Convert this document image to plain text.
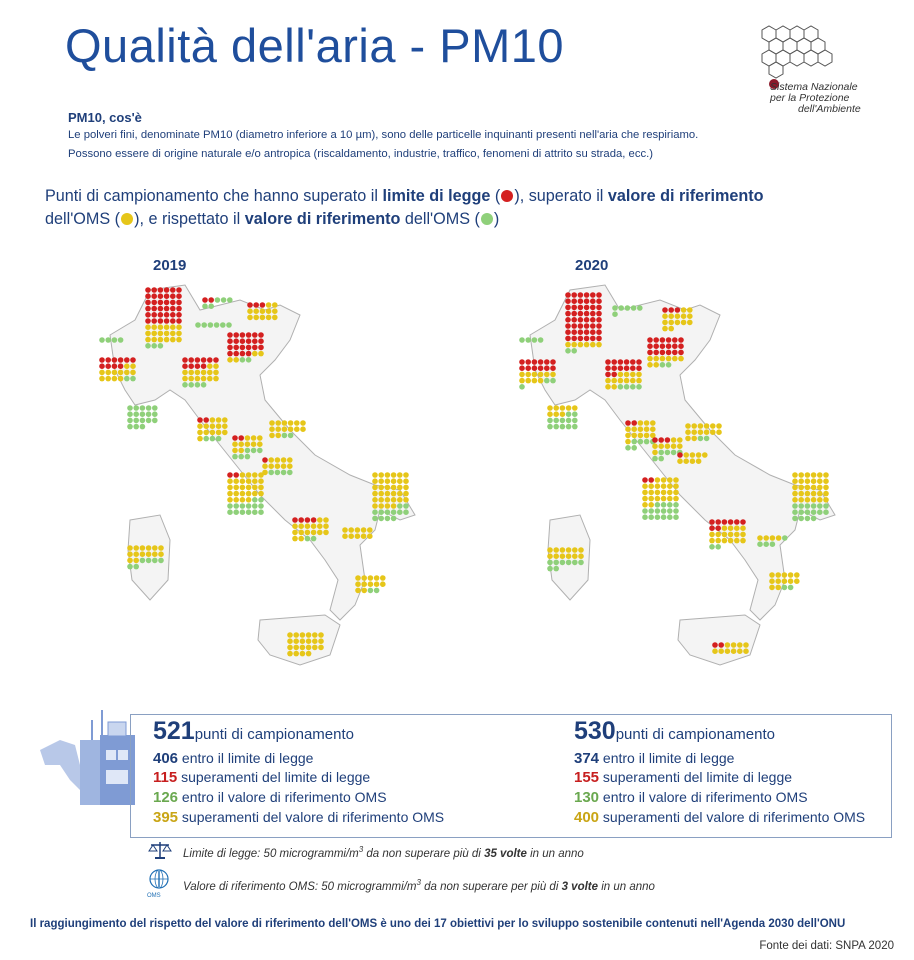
Qualità dell'aria - PM10
Sistema Nazionale
per la Protezione
dell'Ambiente
PM10, cos'è
Le polveri fini, denominate PM10 (diametro inferiore a 10 µm), sono delle particelle inquinanti presenti nell'aria che respiriamo.
Possono essere di origine naturale e/o antropica (riscaldamento, industrie, traffico, fenomeni di attrito su strada, ecc.)
Punti di campionamento che hanno superato il limite di legge ( ), superato il valore di riferimento
dell'OMS ( ), e rispettato il valore di riferimento dell'OMS ( )
2019	2020
521punti di campionamento
406 entro il limite di legge
115 superamenti del limite di legge
126 entro il valore di riferimento OMS
395 superamenti del valore di riferimento OMS
530punti di campionamento
374 entro il limite di legge
155 superamenti del limite di legge
130 entro il valore di riferimento OMS
400 superamenti del valore di riferimento OMS
Limite di legge: 50 microgrammi/$m^3$ da non superare più di 35 volte in un anno
OMS
Valore di riferimento OMS: 50 microgrammi/$m^3$ da non superare per più di 3 volte in un anno
Il raggiungimento del rispetto del valore di riferimento dell'OMS è uno dei 17 obiettivi per lo sviluppo sostenibile contenuti nell'Agenda 2030 dell'ONU
Fonte dei dati: SNPA 2020
